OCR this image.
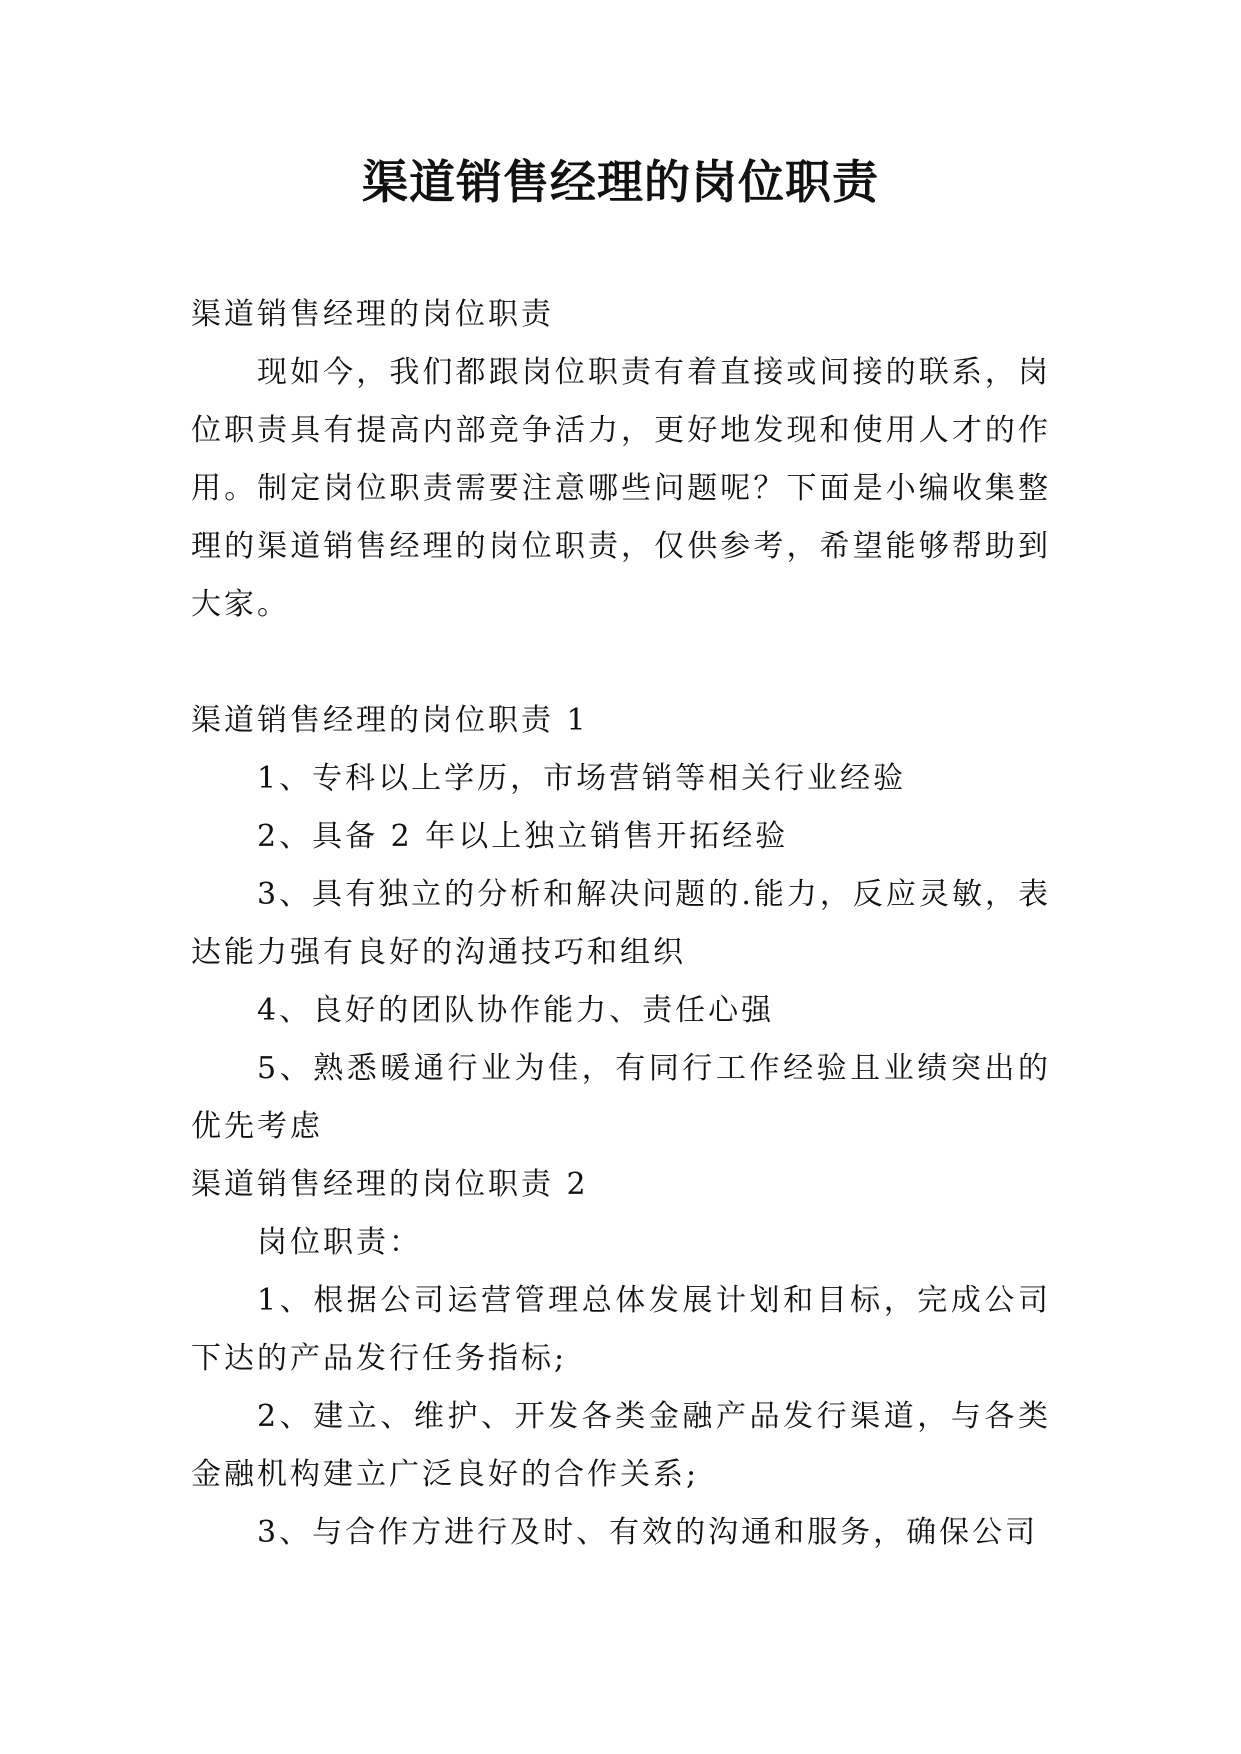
渠道销售经理的岗位职责

渠道销售经理的岗位职责

现如今，我们都跟岗位职责有着直接或间接的联系，岗位职责具有提高内部竞争活力，更好地发现和使用人才的作用。制定岗位职责需要注意哪些问题呢？下面是小编收集整理的渠道销售经理的岗位职责，仅供参考，希望能够帮助到大家。

渠道销售经理的岗位职责 1

1、专科以上学历，市场营销等相关行业经验

2、具备 2 年以上独立销售开拓经验

3、具有独立的分析和解决问题的.能力，反应灵敏，表达能力强有良好的沟通技巧和组织

4、良好的团队协作能力、责任心强

5、熟悉暖通行业为佳，有同行工作经验且业绩突出的优先考虑

渠道销售经理的岗位职责 2

岗位职责：

1、根据公司运营管理总体发展计划和目标，完成公司下达的产品发行任务指标;

2、建立、维护、开发各类金融产品发行渠道，与各类金融机构建立广泛良好的合作关系;

3、与合作方进行及时、有效的沟通和服务，确保公司
